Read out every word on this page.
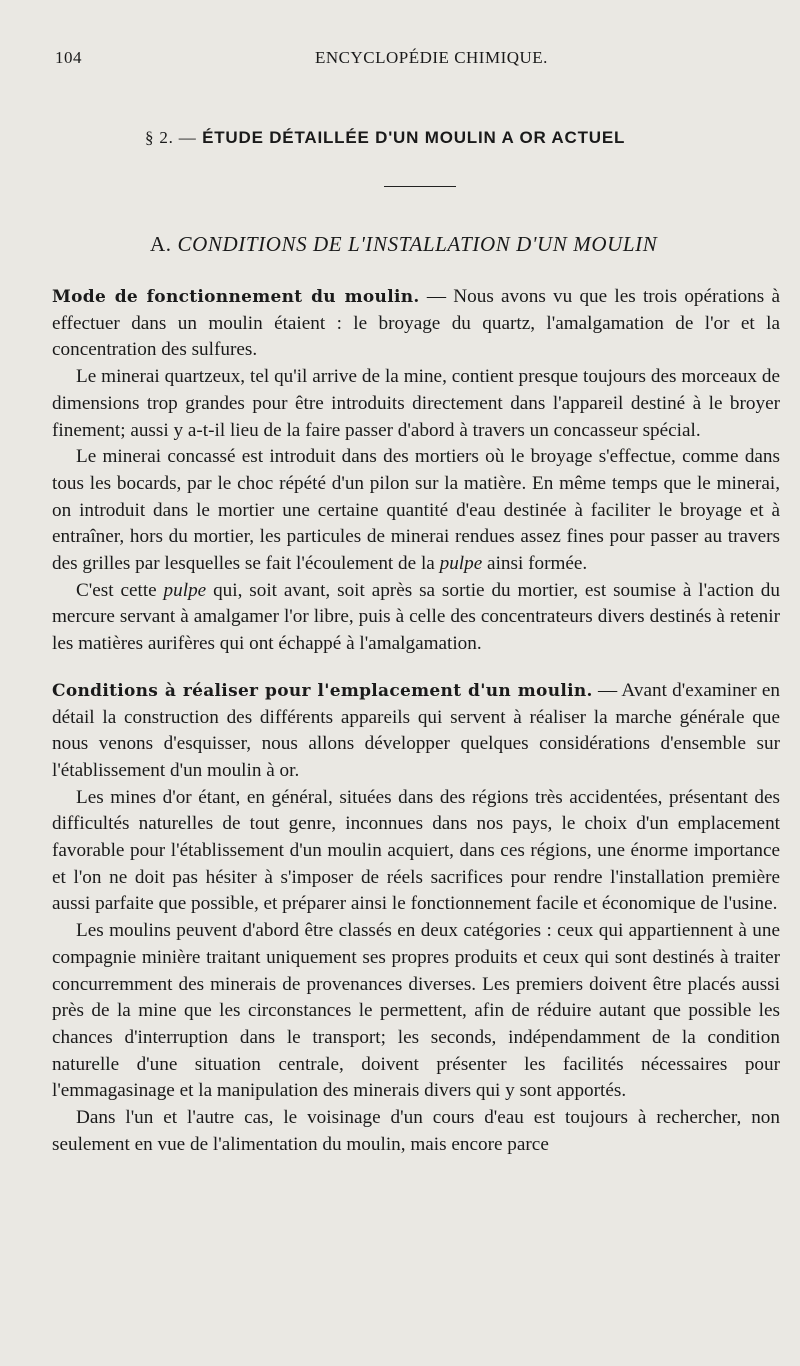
104	ENCYCLOPÉDIE CHIMIQUE.
§ 2. — ÉTUDE DÉTAILLÉE D'UN MOULIN A OR ACTUEL
A. CONDITIONS DE L'INSTALLATION D'UN MOULIN

Mode de fonctionnement du moulin. — Nous avons vu que les trois opérations à effectuer dans un moulin étaient : le broyage du quartz, l'amalgamation de l'or et la concentration des sulfures.

Le minerai quartzeux, tel qu'il arrive de la mine, contient presque toujours des morceaux de dimensions trop grandes pour être introduits directement dans l'appareil destiné à le broyer finement; aussi y a-t-il lieu de la faire passer d'abord à travers un concasseur spécial.

Le minerai concassé est introduit dans des mortiers où le broyage s'effectue, comme dans tous les bocards, par le choc répété d'un pilon sur la matière. En même temps que le minerai, on introduit dans le mortier une certaine quantité d'eau destinée à faciliter le broyage et à entraîner, hors du mortier, les particules de minerai rendues assez fines pour passer au travers des grilles par lesquelles se fait l'écoulement de la pulpe ainsi formée.

C'est cette pulpe qui, soit avant, soit après sa sortie du mortier, est soumise à l'action du mercure servant à amalgamer l'or libre, puis à celle des concentrateurs divers destinés à retenir les matières aurifères qui ont échappé à l'amalgamation.

Conditions à réaliser pour l'emplacement d'un moulin. — Avant d'examiner en détail la construction des différents appareils qui servent à réaliser la marche générale que nous venons d'esquisser, nous allons développer quelques considérations d'ensemble sur l'établissement d'un moulin à or.

Les mines d'or étant, en général, situées dans des régions très accidentées, présentant des difficultés naturelles de tout genre, inconnues dans nos pays, le choix d'un emplacement favorable pour l'établissement d'un moulin acquiert, dans ces régions, une énorme importance et l'on ne doit pas hésiter à s'imposer de réels sacrifices pour rendre l'installation première aussi parfaite que possible, et préparer ainsi le fonctionnement facile et économique de l'usine.

Les moulins peuvent d'abord être classés en deux catégories : ceux qui appartiennent à une compagnie minière traitant uniquement ses propres produits et ceux qui sont destinés à traiter concurremment des minerais de provenances diverses. Les premiers doivent être placés aussi près de la mine que les circonstances le permettent, afin de réduire autant que possible les chances d'interruption dans le transport; les seconds, indépendamment de la condition naturelle d'une situation centrale, doivent présenter les facilités nécessaires pour l'emmagasinage et la manipulation des minerais divers qui y sont apportés.

Dans l'un et l'autre cas, le voisinage d'un cours d'eau est toujours à rechercher, non seulement en vue de l'alimentation du moulin, mais encore parce
